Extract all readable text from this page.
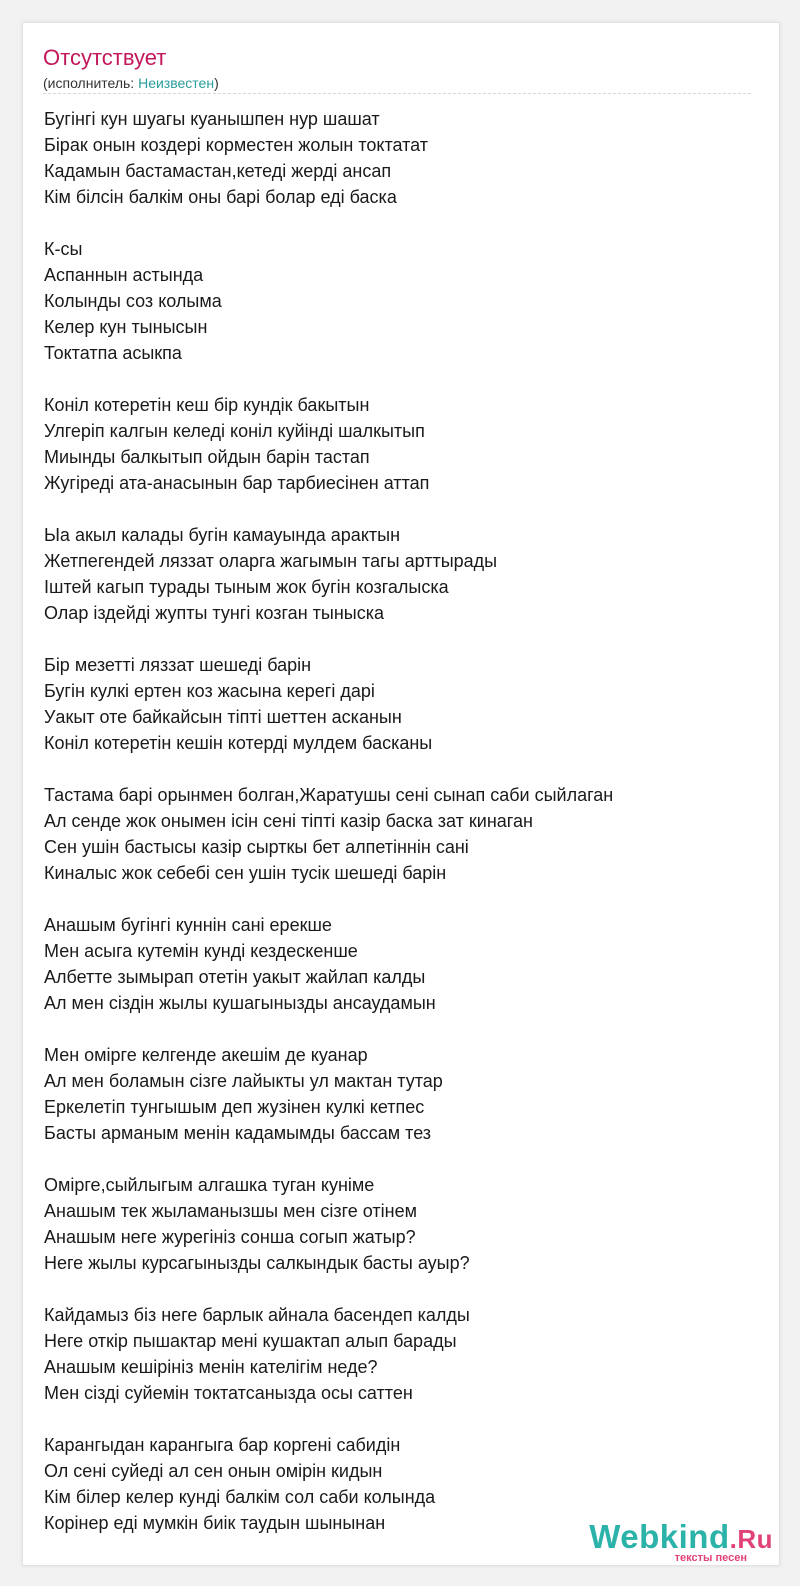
Отсутствует
(исполнитель: Неизвестен)
Бугінгі кун шуагы куанышпен нур шашат
Бірак онын коздері корместен жолын токтатат
Кадамын бастамастан,кетеді жерді ансап
Кім білсін балкім оны барі болар еді баска
К-сы
Аспаннын астында
Колынды соз колыма
Келер кун тынысын
Токтатпа асыкпа
Коніл котеретін кеш бір кундік бакытын
Улгеріп калгын келеді коніл куйінді шалкытып
Миынды балкытып ойдын барін тастап
Жугіреді ата-анасынын бар тарбиесінен аттап
Ыа акыл калады бугін камауында арактын
Жетпегендей ляззат оларга жагымын тагы арттырады
Іштей кагып турады тыным жок бугін козгалыска
Олар іздейді жупты тунгі козган тыныска
Бір мезетті ляззат шешеді барін
Бугін кулкі ертен коз жасына керегі дарі
Уакыт оте байкайсын тіпті шеттен асканын
Коніл котеретін кешін котерді мулдем басканы
Тастама барі орынмен болган,Жаратушы сені сынап саби сыйлаган
Ал сенде жок онымен ісін сені тіпті казір баска зат кинаган
Сен ушін бастысы казір сырткы бет алпетіннін сані
Киналыс жок себебі сен ушін тусік шешеді барін
Анашым бугінгі куннін сані ерекше
Мен асыга кутемін кунді кездескенше
Албетте зымырап отетін уакыт жайлап калды
Ал мен сіздін жылы кушагынызды ансаудамын
Мен омірге келгенде акешім де куанар
Ал мен боламын сізге лайыкты ул мактан тутар
Еркелетіп тунгышым деп жузінен кулкі кетпес
Басты арманым менін кадамымды бассам тез
Омірге,сыйлыгым алгашка туган куніме
Анашым тек жыламанызшы мен сізге отінем
Анашым неге журегініз сонша согып жатыр?
Неге жылы курсагынызды салкындык басты ауыр?
Кайдамыз біз неге барлык айнала басендеп калды
Неге откір пышактар мені кушактап алып барады
Анашым кешірініз менін кателігім неде?
Мен сізді суйемін токтатсанызда осы саттен
Карангыдан карангыга бар коргені сабидін
Ол сені суйеді ал сен онын омірін кидын
Кім білер келер кунді балкім сол саби колында
Корінер еді мумкін биік таудын шынынан	Webkind.Ru
тексты песен
